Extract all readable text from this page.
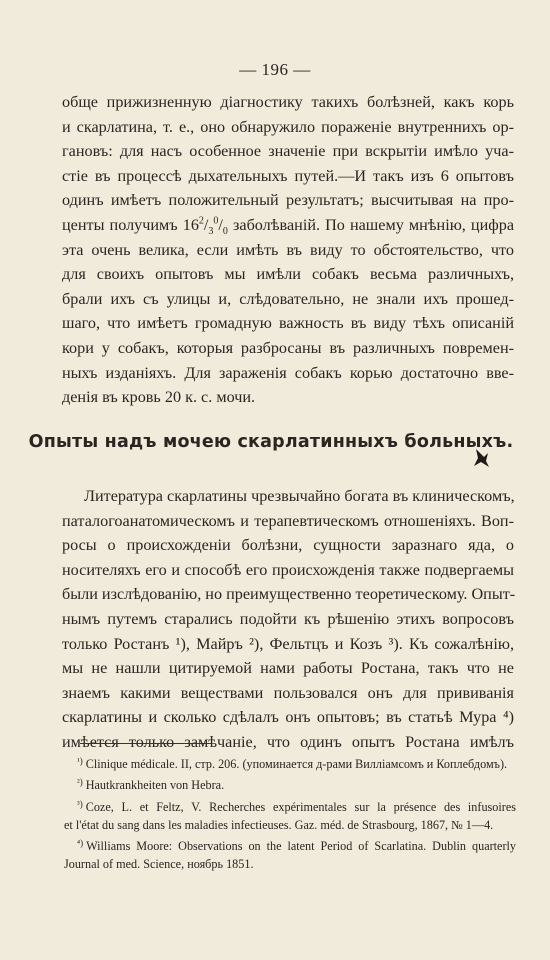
— 196 —
обще прижизненную діагностику такихъ болѣзней, какъ корь
и скарлатина, т. е., оно обнаружило пораженіе внутреннихъ ор-
гановъ: для насъ особенное значеніе при вскрытіи имѣло уча-
стіе въ процессѣ дыхательныхъ путей.—И такъ изъ 6 опытовъ
одинъ имѣетъ положительный результатъ; высчитывая на про-
центы получимъ $16^2/_3^0/_0$ заболѣваній. По нашему мнѣнію, цифра
эта очень велика, если имѣть въ виду то обстоятельство, что
для своихъ опытовъ мы имѣли собакъ весьма различныхъ,
брали ихъ съ улицы и, слѣдовательно, не знали ихъ прошед-
шаго, что имѣетъ громадную важность въ виду тѣхъ описаній
кори у собакъ, которыя разбросаны въ различныхъ повремен-
ныхъ изданіяхъ. Для зараженія собакъ корью достаточно вве-
денія въ кровь 20 к. с. мочи.
Опыты надъ мочею скарлатинныхъ больныхъ.
Литература скарлатины чрезвычайно богата въ клиническомъ,
паталогоанатомическомъ и терапевтическомъ отношеніяхъ. Воп-
росы о происхожденіи болѣзни, сущности заразнаго яда, о
носителяхъ его и способѣ его происхожденія также подвергаемы
были изслѣдованію, но преимущественно теоретическому. Опыт-
нымъ путемъ старались подойти къ рѣшенію этихъ вопросовъ
только Ростанъ ¹), Майръ ²), Фельтцъ и Козъ ³). Къ сожалѣнію,
мы не нашли цитируемой нами работы Ростана, такъ что не
знаемъ какими веществами пользовался онъ для прививанія
скарлатины и сколько сдѣлалъ онъ опытовъ; въ статьѣ Мура ⁴)
имѣется только замѣчаніе, что одинъ опытъ Ростана имѣлъ
$^{^1)}$ Clinique médicale. II, стр. 206. (упоминается д-рами Вилліамсомъ и Коплебдомъ).
$^{^2)}$ Hautkrankheiten von Hebra.
$^{^3)}$ Coze, L. et Feltz, V. Recherches expérimentales sur la présence des infusoires
et l'état du sang dans les maladies infectieuses. Gaz. méd. de Strasbourg, 1867, № 1—4.
$^{^4)}$ Williams Moore: Observations on the latent Period of Scarlatina. Dublin quarterly
Journal of med. Science, ноябрь 1851.
